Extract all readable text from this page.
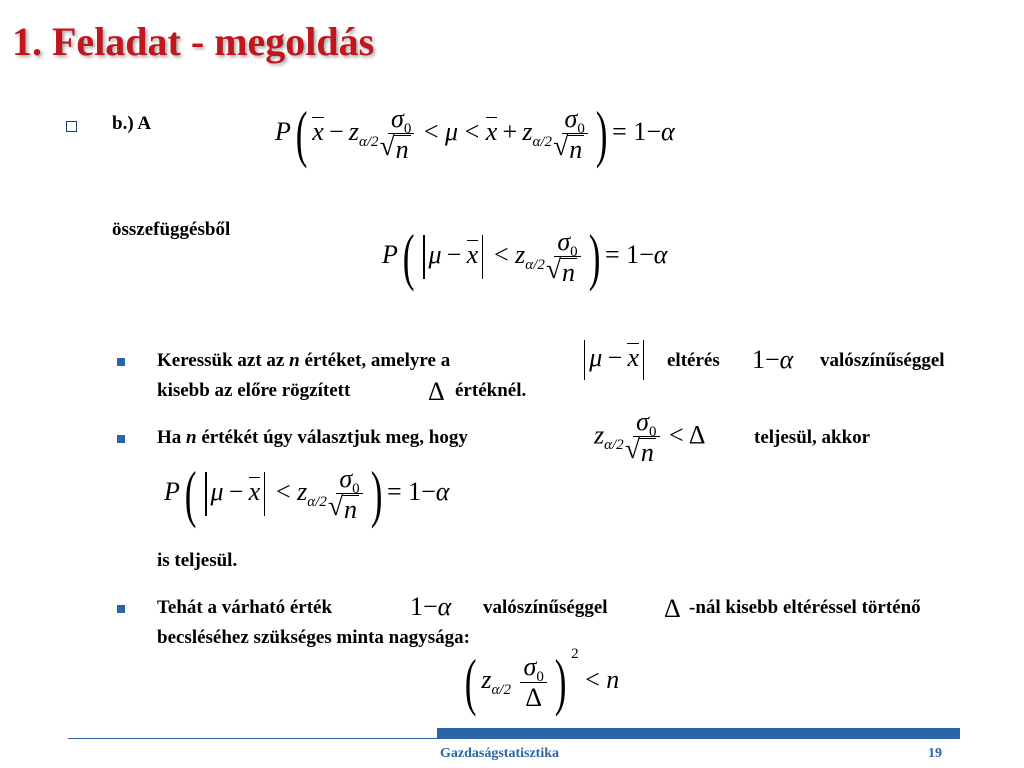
1. Feladat - megoldás
b.) A	P( $x - z_{\alpha/2}$ $\sigma_0$
√ $n < \mu < x + z_{\alpha/2}$ $\sigma_0$
√ n ) = 1−α
összefüggésből
P( $\mu - x < z_{\alpha/2}$ $\sigma_0$
√ n ) = 1−α
Keressük azt az n értéket, amelyre a	μ − x	eltérés 1−α valószínűséggel
kisebb az előre rögzített	Δ értéknél.
Ha n értékét úgy választjuk meg, hogy	$z_{\alpha/2}$ $\sigma_0$
√ n < Δ	teljesül, akkor
P( $\mu - x < z_{\alpha/2}$ $\sigma_0$
√ n ) = 1−α
is teljesül.
Tehát a várható érték	1−α valószínűséggel Δ -nál kisebb eltéréssel történő
becsléséhez szükséges minta nagysága:
( $z_{\alpha/2} \frac{\sigma_0}{\Delta}$ ) $^2$ < n
Gazdaságstatisztika	19
